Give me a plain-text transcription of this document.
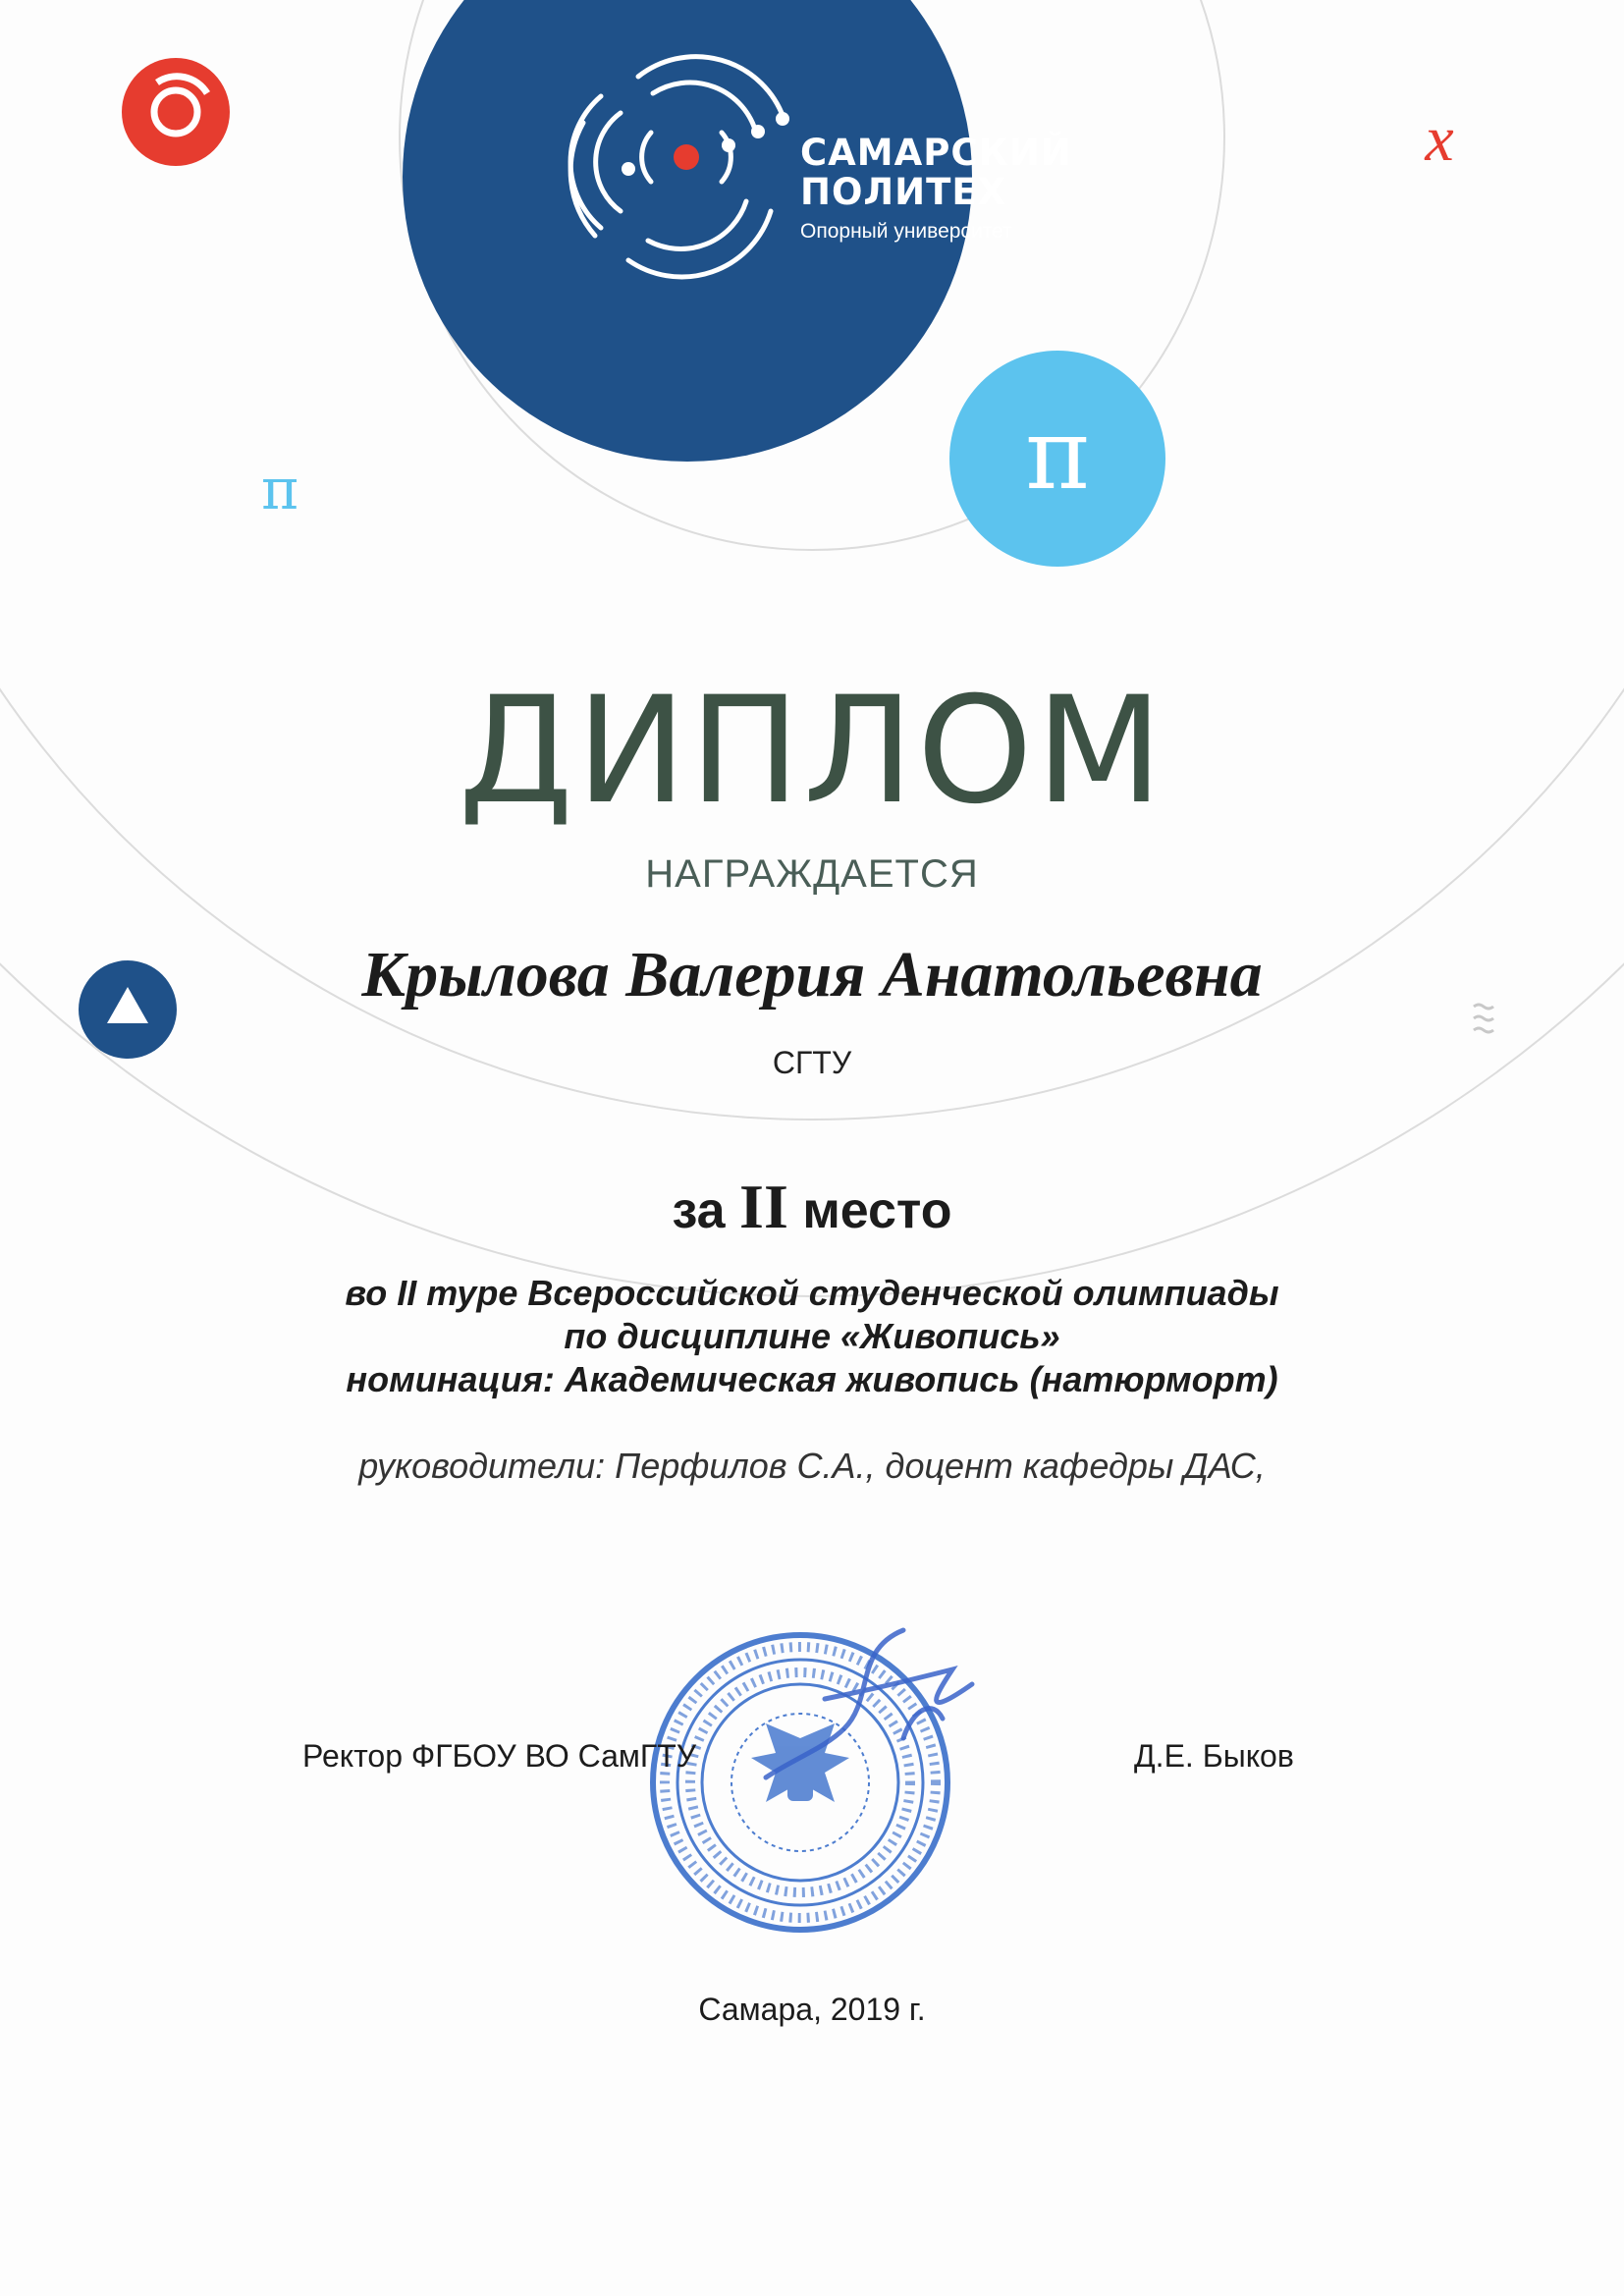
π
π
x
САМАРСКИЙ
ПОЛИТЕХ
Опорный университет
ДИПЛОМ
НАГРАЖДАЕТСЯ
Крылова Валерия Анатольевна
СГТУ
за II место
во II туре Всероссийской студенческой олимпиады
по дисциплине «Живопись»
номинация: Академическая живопись (натюрморт)
руководители: Перфилов С.А., доцент кафедры ДАС,
Ректор ФГБОУ ВО СамГТУ	Д.Е. Быков
Самара, 2019 г.
